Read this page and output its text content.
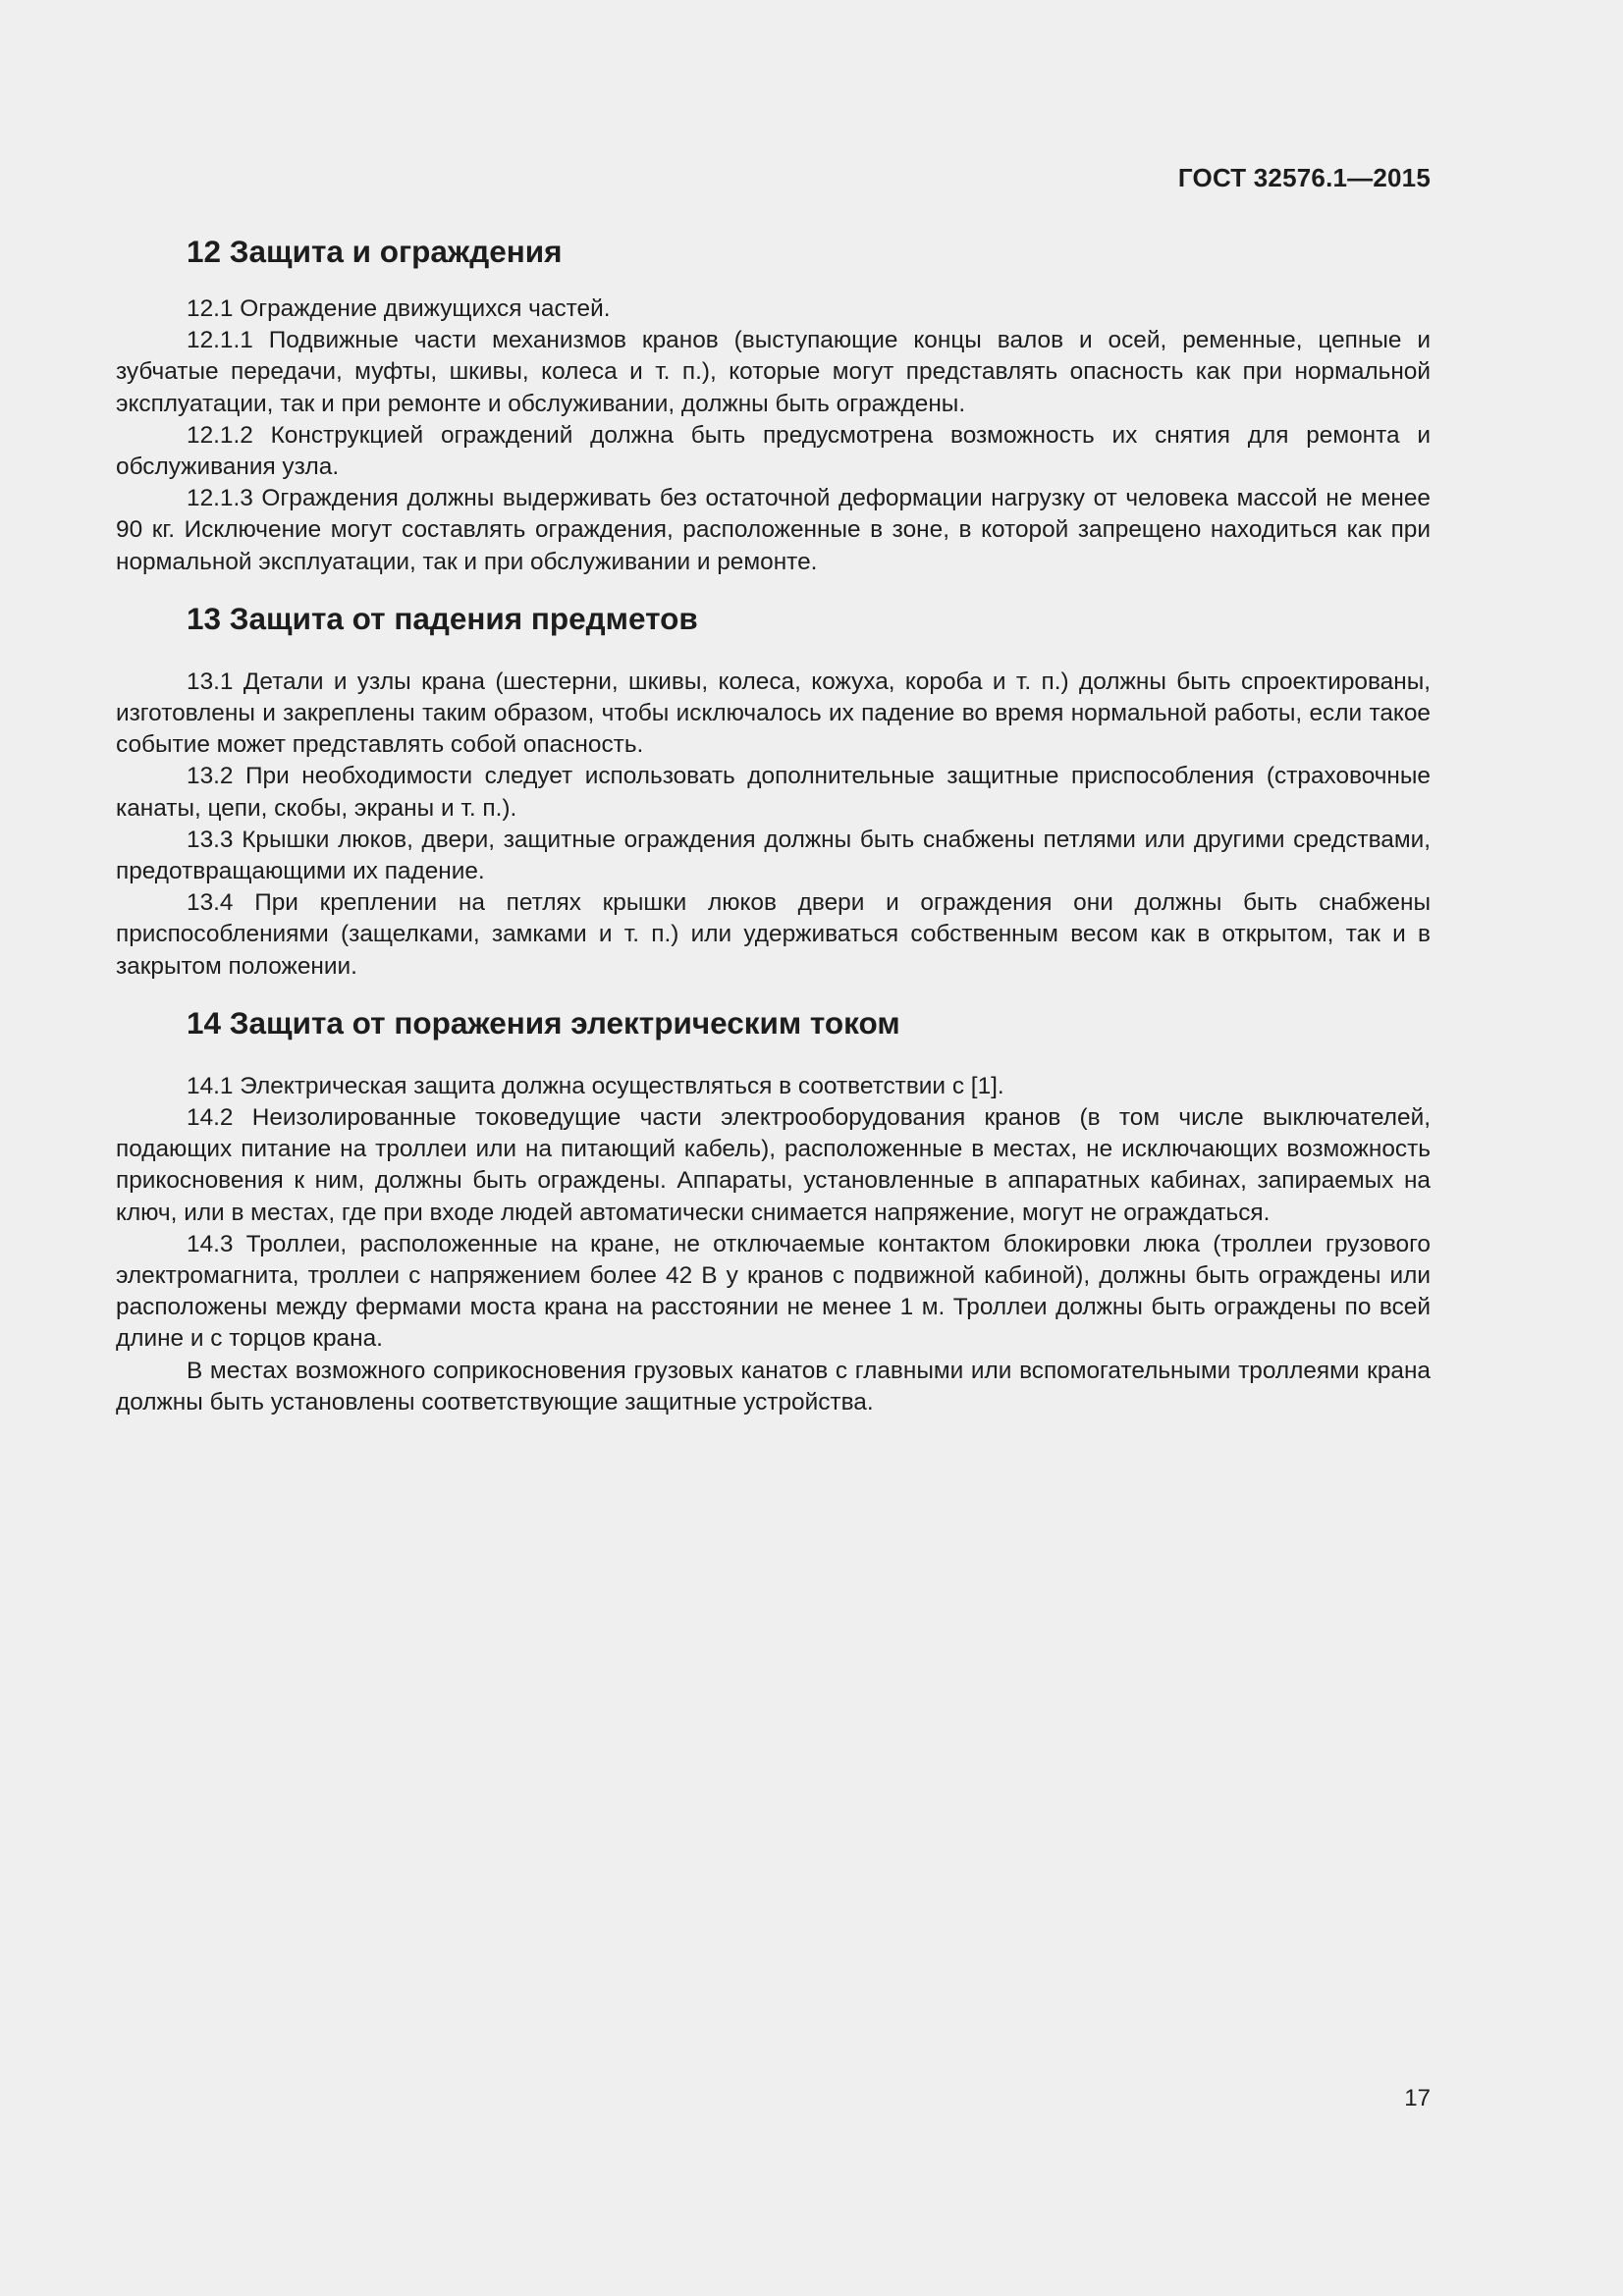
ГОСТ 32576.1—2015
12 Защита и ограждения

12.1 Ограждение движущихся частей.

12.1.1 Подвижные части механизмов кранов (выступающие концы валов и осей, ременные, цепные и зубчатые передачи, муфты, шкивы, колеса и т. п.), которые могут представлять опасность как при нормальной эксплуатации, так и при ремонте и обслуживании, должны быть ограждены.

12.1.2 Конструкцией ограждений должна быть предусмотрена возможность их снятия для ремонта и обслуживания узла.

12.1.3 Ограждения должны выдерживать без остаточной деформации нагрузку от человека массой не менее 90 кг. Исключение могут составлять ограждения, расположенные в зоне, в которой запрещено находиться как при нормальной эксплуатации, так и при обслуживании и ремонте.

13 Защита от падения предметов

13.1 Детали и узлы крана (шестерни, шкивы, колеса, кожуха, короба и т. п.) должны быть спроектированы, изготовлены и закреплены таким образом, чтобы исключалось их падение во время нормальной работы, если такое событие может представлять собой опасность.

13.2 При необходимости следует использовать дополнительные защитные приспособления (страховочные канаты, цепи, скобы, экраны и т. п.).

13.3 Крышки люков, двери, защитные ограждения должны быть снабжены петлями или другими средствами, предотвращающими их падение.

13.4 При креплении на петлях крышки люков двери и ограждения они должны быть снабжены приспособлениями (защелками, замками и т. п.) или удерживаться собственным весом как в открытом, так и в закрытом положении.

14 Защита от поражения электрическим током

14.1 Электрическая защита должна осуществляться в соответствии с [1].

14.2 Неизолированные токоведущие части электрооборудования кранов (в том числе выключателей, подающих питание на троллеи или на питающий кабель), расположенные в местах, не исключающих возможность прикосновения к ним, должны быть ограждены. Аппараты, установленные в аппаратных кабинах, запираемых на ключ, или в местах, где при входе людей автоматически снимается напряжение, могут не ограждаться.

14.3 Троллеи, расположенные на кране, не отключаемые контактом блокировки люка (троллеи грузового электромагнита, троллеи с напряжением более 42 В у кранов с подвижной кабиной), должны быть ограждены или расположены между фермами моста крана на расстоянии не менее 1 м. Троллеи должны быть ограждены по всей длине и с торцов крана.

В местах возможного соприкосновения грузовых канатов с главными или вспомогательными троллеями крана должны быть установлены соответствующие защитные устройства.

17
